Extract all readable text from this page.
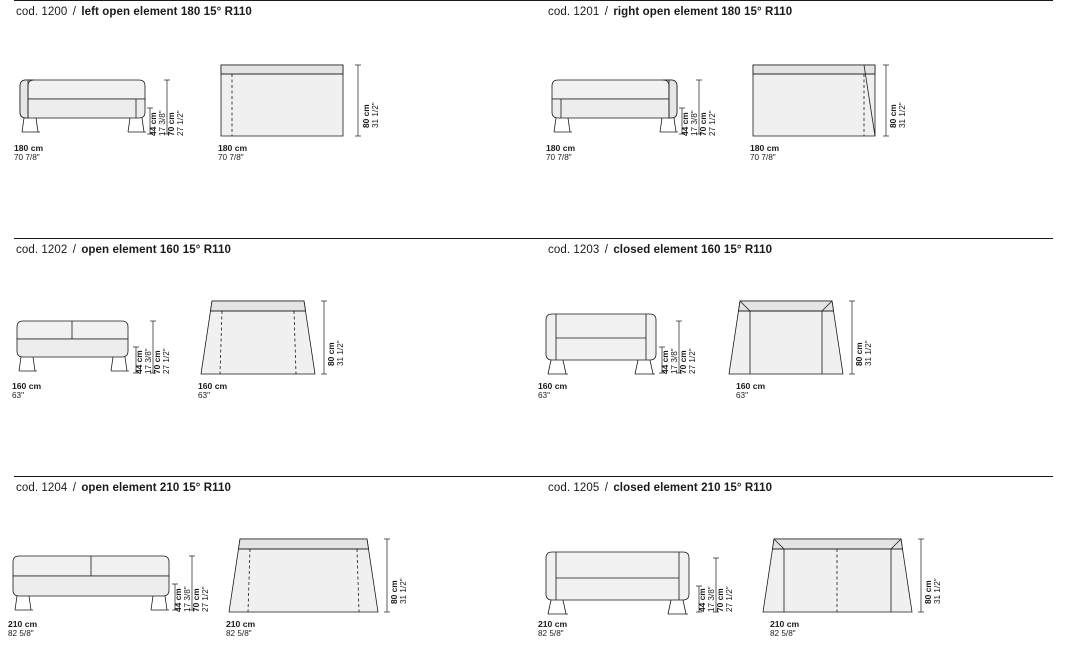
cod. 1200 / left open element 180 15° R110
180 cm
70 7/8"
44 cm 17 3/8" 70 cm 27 1/2"
180 cm
70 7/8"
80 cm 31 1/2"
cod. 1201 / right open element 180 15° R110
180 cm
70 7/8"
44 cm 17 3/8" 70 cm 27 1/2"
180 cm
70 7/8"
80 cm 31 1/2"
cod. 1202 / open element 160 15° R110
160 cm
63"
44 cm 17 3/8" 70 cm 27 1/2"
160 cm
63"
80 cm 31 1/2"
cod. 1203 / closed element 160 15° R110
160 cm
63"
44 cm 17 3/8" 70 cm 27 1/2"
160 cm
63"
80 cm 31 1/2"
cod. 1204 / open element 210 15° R110
210 cm
82 5/8"
44 cm 17 3/8" 70 cm 27 1/2"
210 cm
82 5/8"
80 cm 31 1/2"
cod. 1205 / closed element 210 15° R110
210 cm
82 5/8"
44 cm 17 3/8" 70 cm 27 1/2"
210 cm
82 5/8"
80 cm 31 1/2"
